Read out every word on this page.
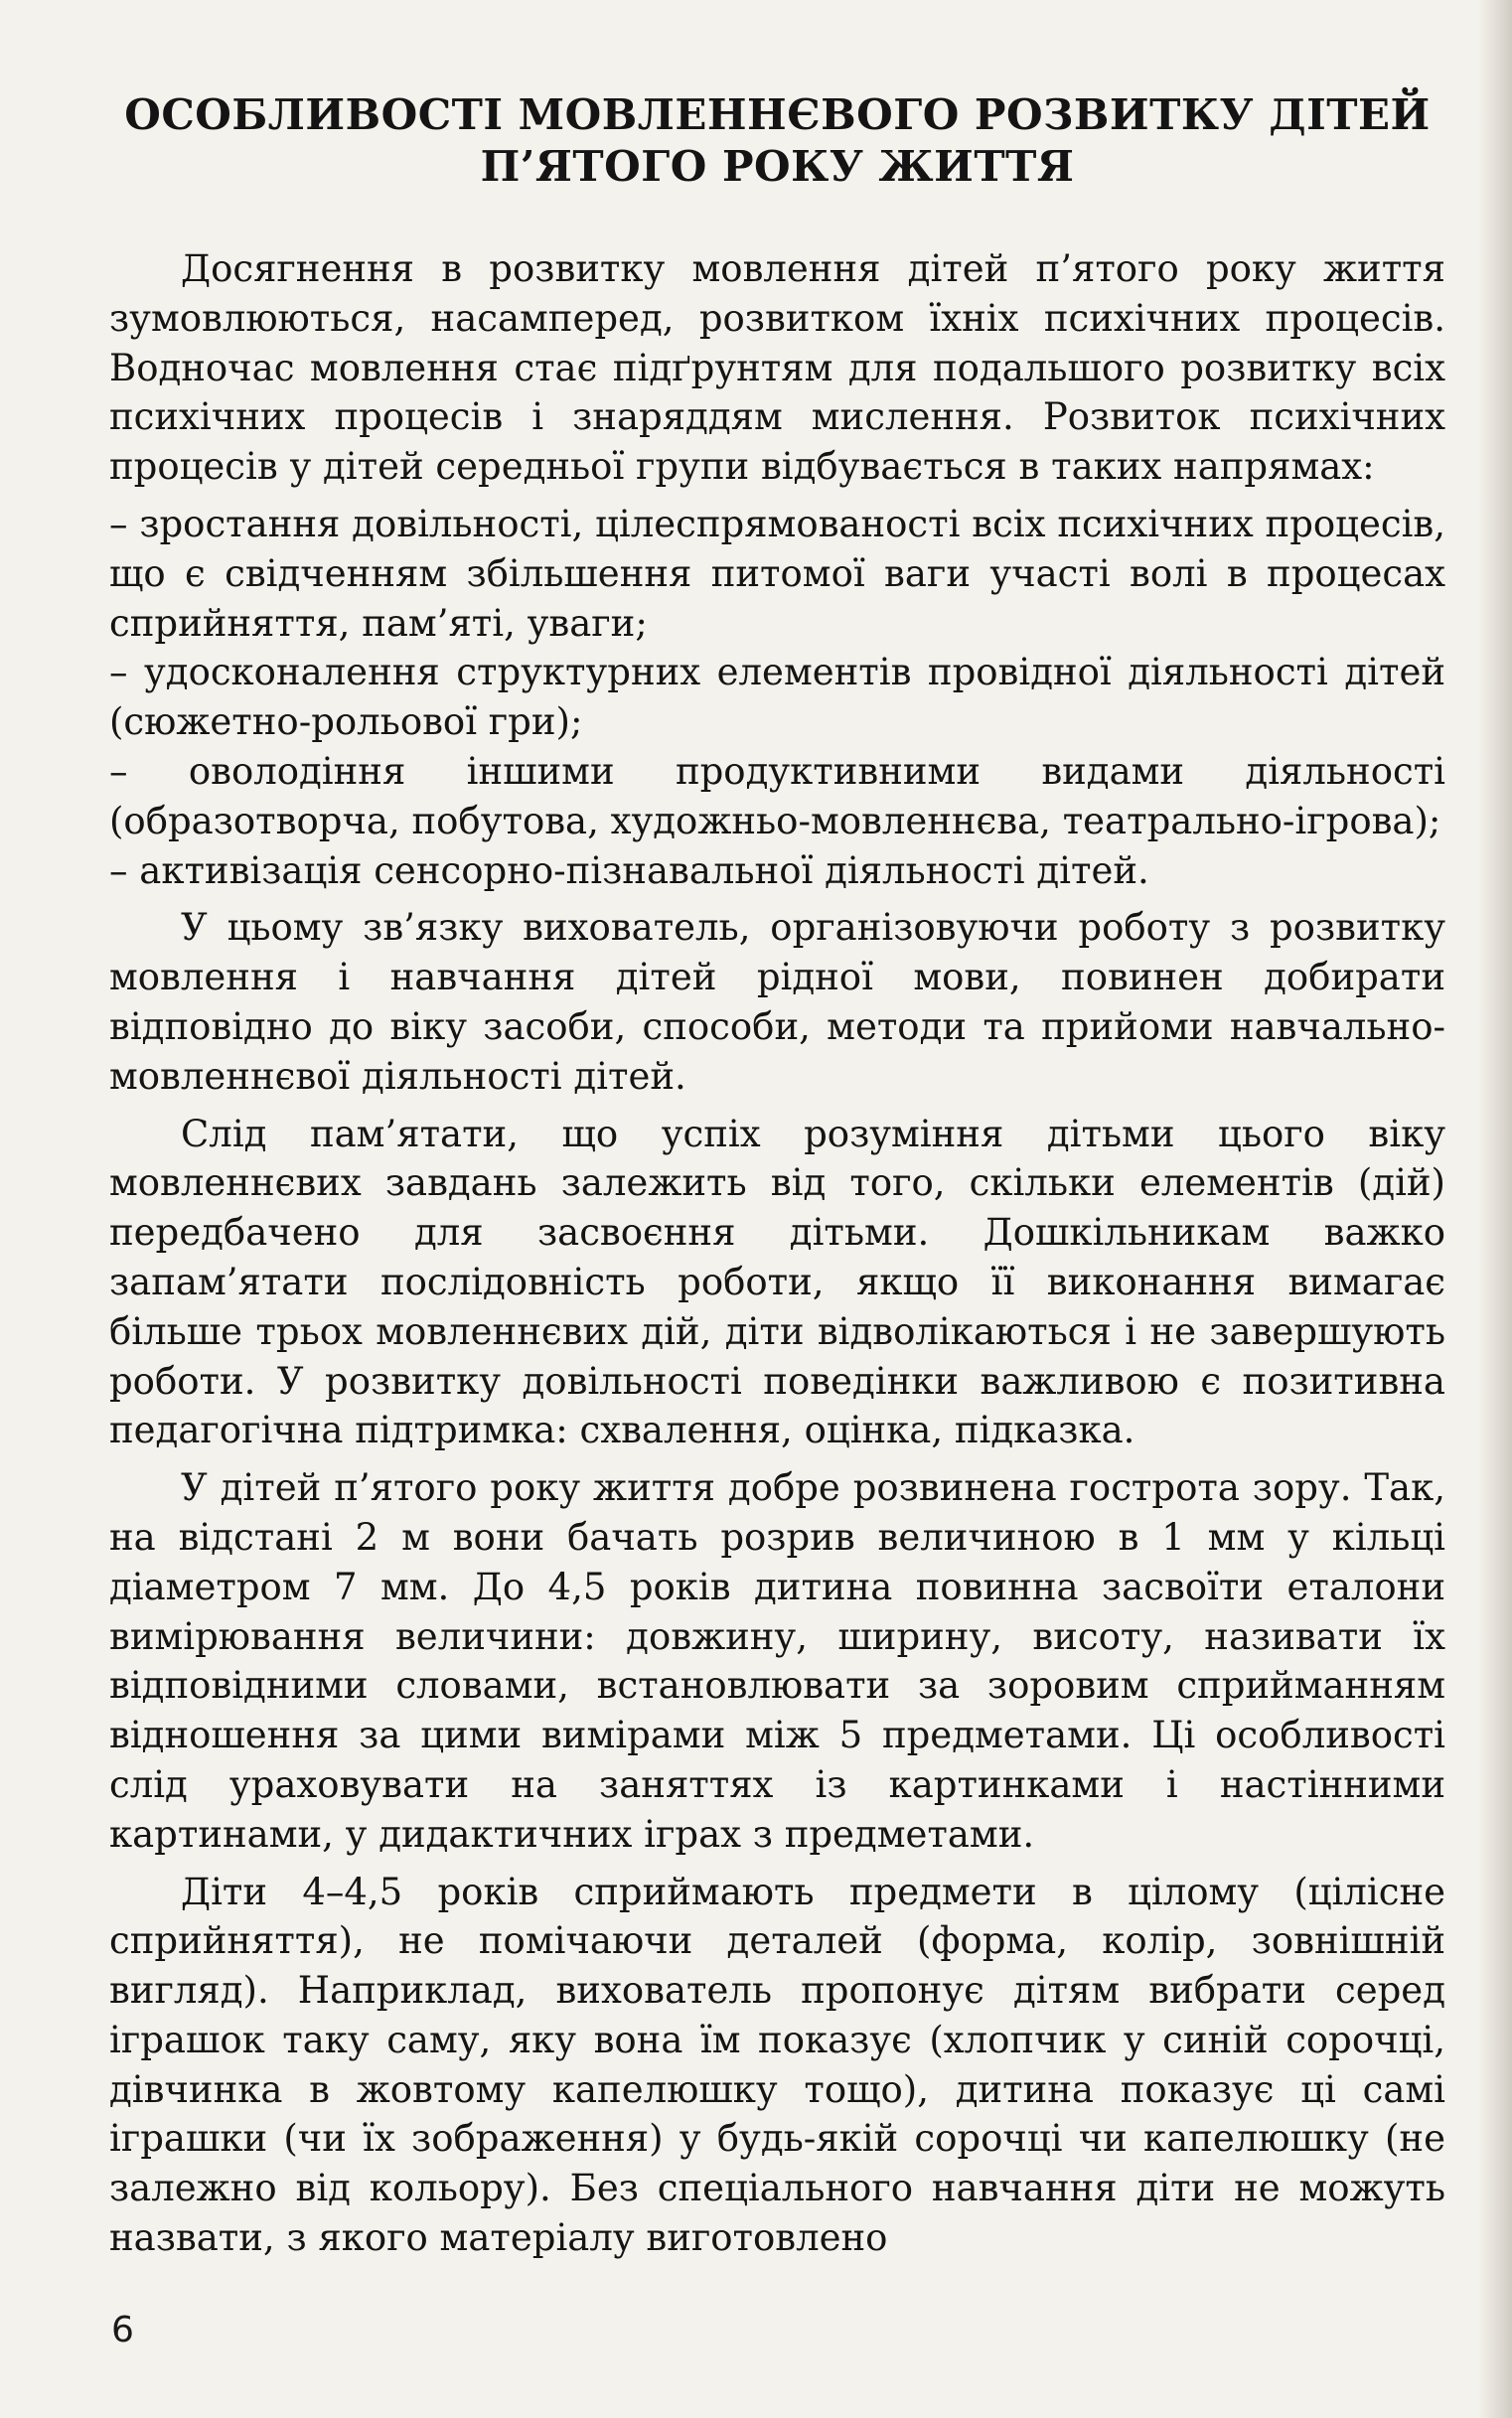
ОСОБЛИВОСТІ МОВЛЕННЄВОГО РОЗВИТКУ ДІТЕЙ
П’ЯТОГО РОКУ ЖИТТЯ

Досягнення в розвитку мовлення дітей п’ятого року життя зумовлюються, насамперед, розвитком їхніх психічних процесів. Водночас мовлення стає підґрунтям для подальшого розвитку всіх психічних процесів і знаряддям мислення. Розвиток психічних процесів у дітей середньої групи відбувається в таких напрямах:

– зростання довільності, цілеспрямованості всіх психічних процесів, що є свідченням збільшення питомої ваги участі волі в процесах сприйняття, пам’яті, уваги;

– удосконалення структурних елементів провідної діяльності дітей (сюжетно-рольової гри);

– оволодіння іншими продуктивними видами діяльності (образотворча, побутова, художньо-мовленнєва, театрально-ігрова);

– активізація сенсорно-пізнавальної діяльності дітей.

У цьому зв’язку вихователь, організовуючи роботу з розвитку мовлення і навчання дітей рідної мови, повинен добирати відповідно до віку засоби, способи, методи та прийоми навчально-мовленнєвої діяльності дітей.

Слід пам’ятати, що успіх розуміння дітьми цього віку мовленнєвих завдань залежить від того, скільки елементів (дій) передбачено для засвоєння дітьми. Дошкільникам важко запам’ятати послідовність роботи, якщо її виконання вимагає більше трьох мовленнєвих дій, діти відволікаються і не завершують роботи. У розвитку довільності поведінки важливою є позитивна педагогічна підтримка: схвалення, оцінка, підказка.

У дітей п’ятого року життя добре розвинена гострота зору. Так, на відстані 2 м вони бачать розрив величиною в 1 мм у кільці діаметром 7 мм. До 4,5 років дитина повинна засвоїти еталони вимірювання величини: довжину, ширину, висоту, називати їх відповідними словами, встановлювати за зоровим сприйманням відношення за цими вимірами між 5 предметами. Ці особливості слід ураховувати на заняттях із картинками і настінними картинами, у дидактичних іграх з предметами.

Діти 4–4,5 років сприймають предмети в цілому (цілісне сприйняття), не помічаючи деталей (форма, колір, зовнішній вигляд). Наприклад, вихователь пропонує дітям вибрати серед іграшок таку саму, яку вона їм показує (хлопчик у синій сорочці, дівчинка в жовтому капелюшку тощо), дитина показує ці самі іграшки (чи їх зображення) у будь-якій сорочці чи капелюшку (не залежно від кольору). Без спеціального навчання діти не можуть назвати, з якого матеріалу виготовлено

6
